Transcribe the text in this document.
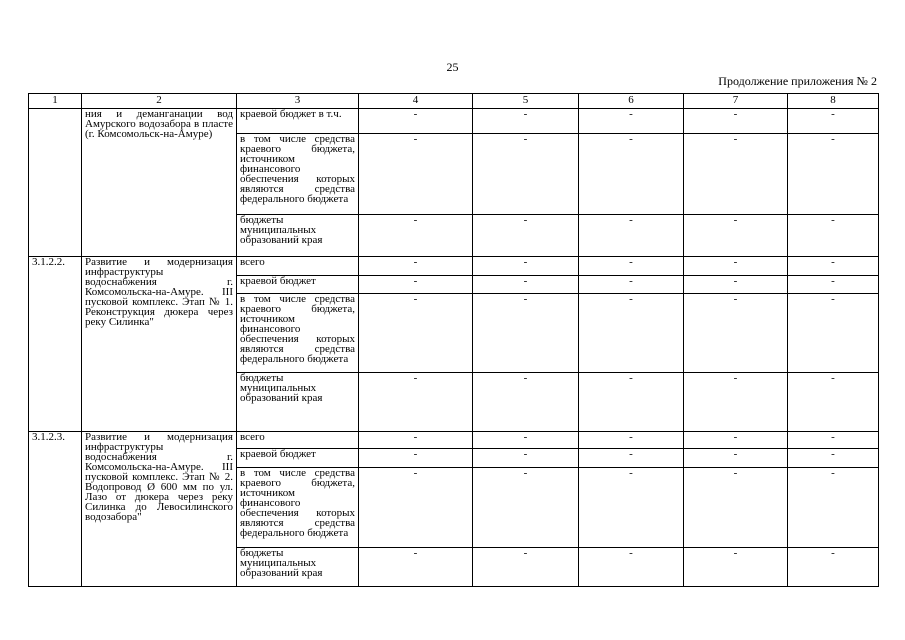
25
Продолжение приложения № 2
1	2	3	4	5	6	7	8
	ния и деманганации вод Амурского водозабора в пласте (г. Комсомольск-на-Амуре)	краевой бюджет в т.ч.	-	-	-	-	-
		в том числе средства краевого бюджета, источником финансового обеспечения которых являются средства федерального бюджета	-	-	-	-	-
		бюджеты муниципальных образований края	-	-	-	-	-
3.1.2.2.	Развитие и модернизация инфраструктуры водоснабжения г. Комсомольска-на-Амуре. III пусковой комплекс. Этап № 1. Реконструкция дюкера через реку Силинка"	всего	-	-	-	-	-
		краевой бюджет	-	-	-	-	-
		в том числе средства краевого бюджета, источником финансового обеспечения которых являются средства федерального бюджета	-	-	-	-	-
		бюджеты муниципальных образований края	-	-	-	-	-
3.1.2.3.	Развитие и модернизация инфраструктуры водоснабжения г. Комсомольска-на-Амуре. III пусковой комплекс. Этап № 2. Водопровод Ø 600 мм по ул. Лазо от дюкера через реку Силинка до Левосилинского водозабора"	всего	-	-	-	-	-
		краевой бюджет	-	-	-	-	-
		в том числе средства краевого бюджета, источником финансового обеспечения которых являются средства федерального бюджета	-	-	-	-	-
		бюджеты муниципальных образований края	-	-	-	-	-
